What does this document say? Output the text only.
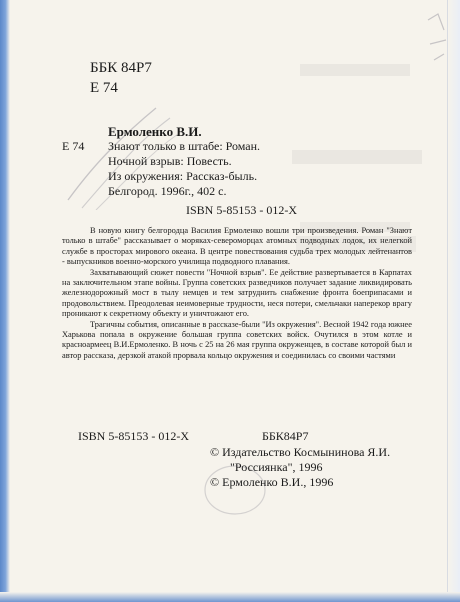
ББК 84Р7
Е 74
Ермоленко В.И.
Е 74 Знают только в штабе: Роман.
Ночной взрыв: Повесть.
Из окружения: Рассказ-быль.
Белгород. 1996г., 402 с.
ISBN 5-85153 - 012-X

В новую книгу белгородца Василия Ермоленко вошли три произведения. Роман "Знают только в штабе" рассказывает о моряках-североморцах атомных подводных лодок, их нелегкой службе в просторах мирового океана. В центре повествования судьба трех молодых лейтенантов - выпускников военно-морского училища подводного плавания.

Захватывающий сюжет повести "Ночной взрыв". Ее действие развертывается в Карпатах на заключительном этапе войны. Группа советских разведчиков получает задание ликвидировать железнодорожный мост в тылу немцев и тем затруднить снабжение фронта боеприпасами и продовольствием. Преодолевая неимоверные трудности, неся потери, смельчаки наперекор врагу проникают к секретному объекту и уничтожают его.

Трагичны события, описанные в рассказе-были "Из окружения". Весной 1942 года южнее Харькова попала в окружение большая группа советских войск. Очутился в этом котле и красноармеец В.И.Ермоленко. В ночь с 25 на 26 мая группа окруженцев, в составе которой был и автор рассказа, дерзкой атакой прорвала кольцо окружения и соединилась со своими частями

ISBN 5-85153 - 012-X	ББК84Р7
© Издательство Космынинова Я.И.
"Россиянка", 1996
© Ермоленко В.И., 1996
